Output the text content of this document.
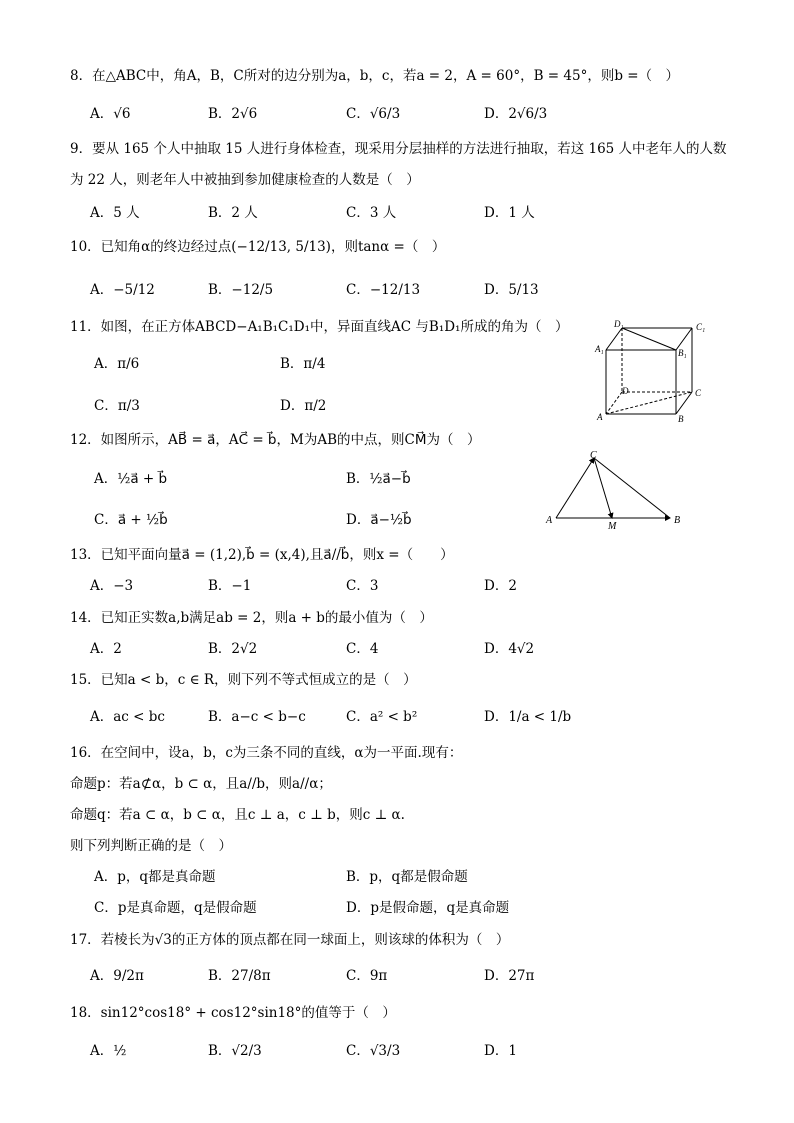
8．在△ABC中，角A，B，C所对的边分别为a，b，c，若a = 2，A = 60°，B = 45°，则b =（　）
A．√6	B．2√6	C．√6/3	D．2√6/3
9．要从 165 个人中抽取 15 人进行身体检查，现采用分层抽样的方法进行抽取，若这 165 人中老年人的人数
为 22 人，则老年人中被抽到参加健康检查的人数是（　）
A．5 人	B．2 人	C．3 人	D．1 人
10．已知角α的终边经过点(−12/13, 5/13)，则tanα =（　）
A．−5/12	B．−12/5	C．−12/13	D．5/13
11．如图，在正方体ABCD−A₁B₁C₁D₁中，异面直线AC 与B₁D₁所成的角为（　）
A．π/6	B．π/4
C．π/3	D．π/2
D₁	C₁
A₁	B₁
D	C
A	B
12．如图所示，AB⃗ = a⃗，AC⃗ = b⃗，M为AB的中点，则CM⃗为（　）
A．½a⃗ + b⃗	B．½a⃗−b⃗
C．a⃗ + ½b⃗	D．a⃗−½b⃗
C
A
M
B
13．已知平面向量a⃗ = (1,2),b⃗ = (x,4),且a⃗//b⃗，则x =（　　）
A．−3	B．−1	C．3	D．2
14．已知正实数a,b满足ab = 2，则a + b的最小值为（　）
A．2	B．2√2	C．4	D．4√2
15．已知a < b，c ∈ R，则下列不等式恒成立的是（　）
A．ac < bc	B．a−c < b−c	C．a² < b²	D．1/a < 1/b
16．在空间中，设a，b，c为三条不同的直线，α为一平面.现有：
命题p：若a⊄α，b ⊂ α，且a//b，则a//α；
命题q：若a ⊂ α，b ⊂ α，且c ⊥ a，c ⊥ b，则c ⊥ α.
则下列判断正确的是（　）
A．p，q都是真命题	B．p，q都是假命题
C．p是真命题，q是假命题	D．p是假命题，q是真命题
17．若棱长为√3的正方体的顶点都在同一球面上，则该球的体积为（　）
A．9/2π	B．27/8π	C．9π	D．27π
18．sin12°cos18° + cos12°sin18°的值等于（　）
A．½	B．√2/3	C．√3/3	D．1
